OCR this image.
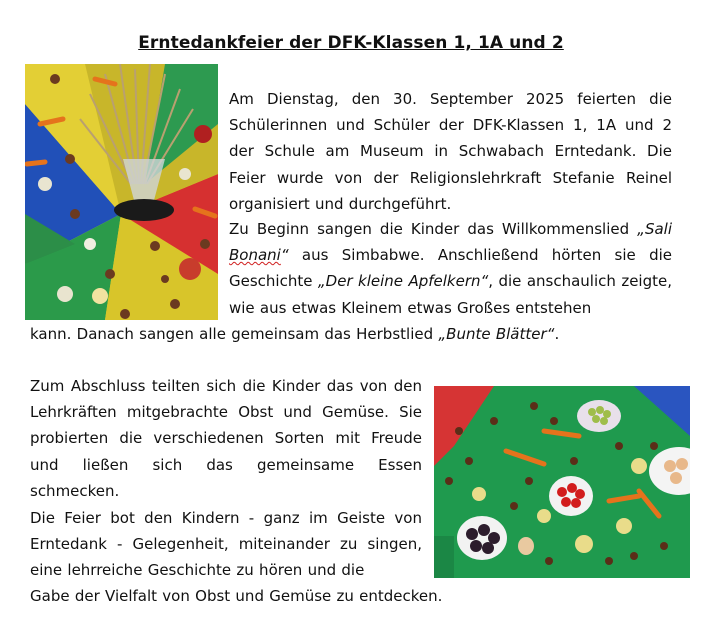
Erntedankfeier der DFK-Klassen 1, 1A und 2

Am Dienstag, den 30. September 2025 feierten die Schülerinnen und Schüler der DFK-Klassen 1, 1A und 2 der Schule am Museum in Schwabach Erntedank. Die Feier wurde von der Religionslehrkraft Stefanie Reinel organisiert und durchgeführt.

Zu Beginn sangen die Kinder das Willkommenslied „Sali Bonani“ aus Simbabwe. Anschließend hörten sie die Geschichte „Der kleine Apfelkern“, die anschaulich zeigte, wie aus etwas Kleinem etwas Großes entstehen

kann. Danach sangen alle gemeinsam das Herbstlied „Bunte Blätter“.

Zum Abschluss teilten sich die Kinder das von den Lehrkräften mitgebrachte Obst und Gemüse. Sie probierten die verschiedenen Sorten mit Freude und ließen sich das gemeinsame Essen schmecken.

Die Feier bot den Kindern - ganz im Geiste von Erntedank - Gelegenheit, miteinander zu singen, eine lehrreiche Geschichte zu hören und die

Gabe der Vielfalt von Obst und Gemüse zu entdecken.
